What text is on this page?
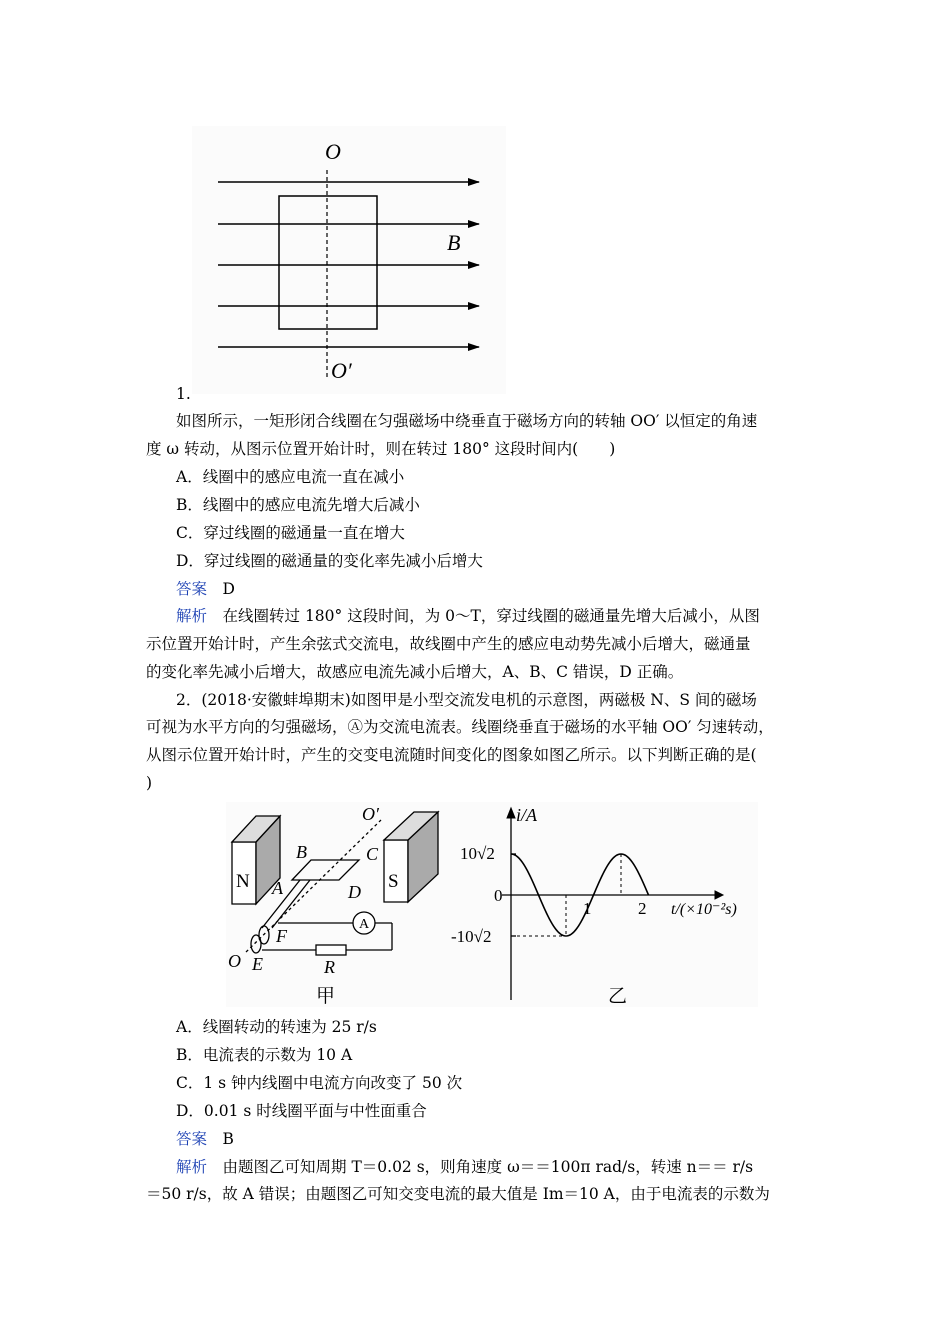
O
B
O′
1.
如图所示，一矩形闭合线圈在匀强磁场中绕垂直于磁场方向的转轴 OO′ 以恒定的角速
度 ω 转动，从图示位置开始计时，则在转过 180° 这段时间内(　　)
A．线圈中的感应电流一直在减小
B．线圈中的感应电流先增大后减小
C．穿过线圈的磁通量一直在增大
D．穿过线圈的磁通量的变化率先减小后增大
答案  D
解析  在线圈转过 180° 这段时间，为 0～T，穿过线圈的磁通量先增大后减小，从图
示位置开始计时，产生余弦式交流电，故线圈中产生的感应电动势先减小后增大，磁通量
的变化率先减小后增大，故感应电流先减小后增大，A、B、C 错误，D 正确。
2．(2018·安徽蚌埠期末)如图甲是小型交流发电机的示意图，两磁极 N、S 间的磁场
可视为水平方向的匀强磁场，Ⓐ为交流电流表。线圈绕垂直于磁场的水平轴 OO′ 匀速转动，
从图示位置开始计时，产生的交变电流随时间变化的图象如图乙所示。以下判断正确的是(
)
N	S
B	C
A	D
O′
F
O E	R
A
甲
i/A
10√2
0
-10√2
1	2 t/(×10⁻²s)
乙
A．线圈转动的转速为 25 r/s
B．电流表的示数为 10 A
C．1 s 钟内线圈中电流方向改变了 50 次
D．0.01 s 时线圈平面与中性面重合
答案  B
解析  由题图乙可知周期 T＝0.02 s，则角速度 ω＝＝100π rad/s，转速 n＝＝ r/s
＝50 r/s，故 A 错误；由题图乙可知交变电流的最大值是 Im＝10 A，由于电流表的示数为
